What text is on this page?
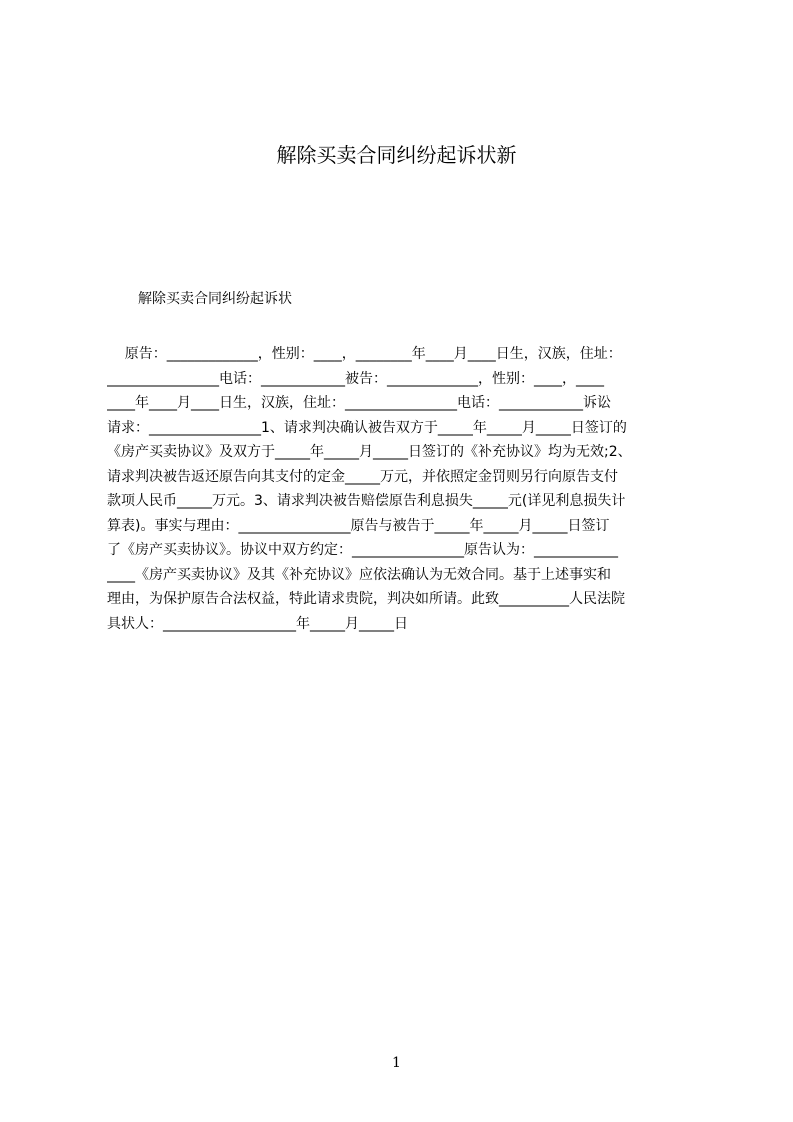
解除买卖合同纠纷起诉状新
解除买卖合同纠纷起诉状
原告：_____________，性别：____，________年____月____日生，汉族，住址：
________________电话：____________被告：_____________，性别：____，____
____年____月____日生，汉族，住址：________________电话：____________诉讼
请求：________________1、请求判决确认被告双方于_____年_____月_____日签订的
《房产买卖协议》及双方于_____年_____月_____日签订的《补充协议》均为无效;2、
请求判决被告返还原告向其支付的定金_____万元，并依照定金罚则另行向原告支付
款项人民币_____万元。3、请求判决被告赔偿原告利息损失_____元(详见利息损失计
算表)。事实与理由：________________原告与被告于_____年_____月_____日签订
了《房产买卖协议》。协议中双方约定：________________原告认为：____________
____《房产买卖协议》及其《补充协议》应依法确认为无效合同。基于上述事实和
理由，为保护原告合法权益，特此请求贵院，判决如所请。此致__________人民法院
具状人：___________________年_____月_____日
1
